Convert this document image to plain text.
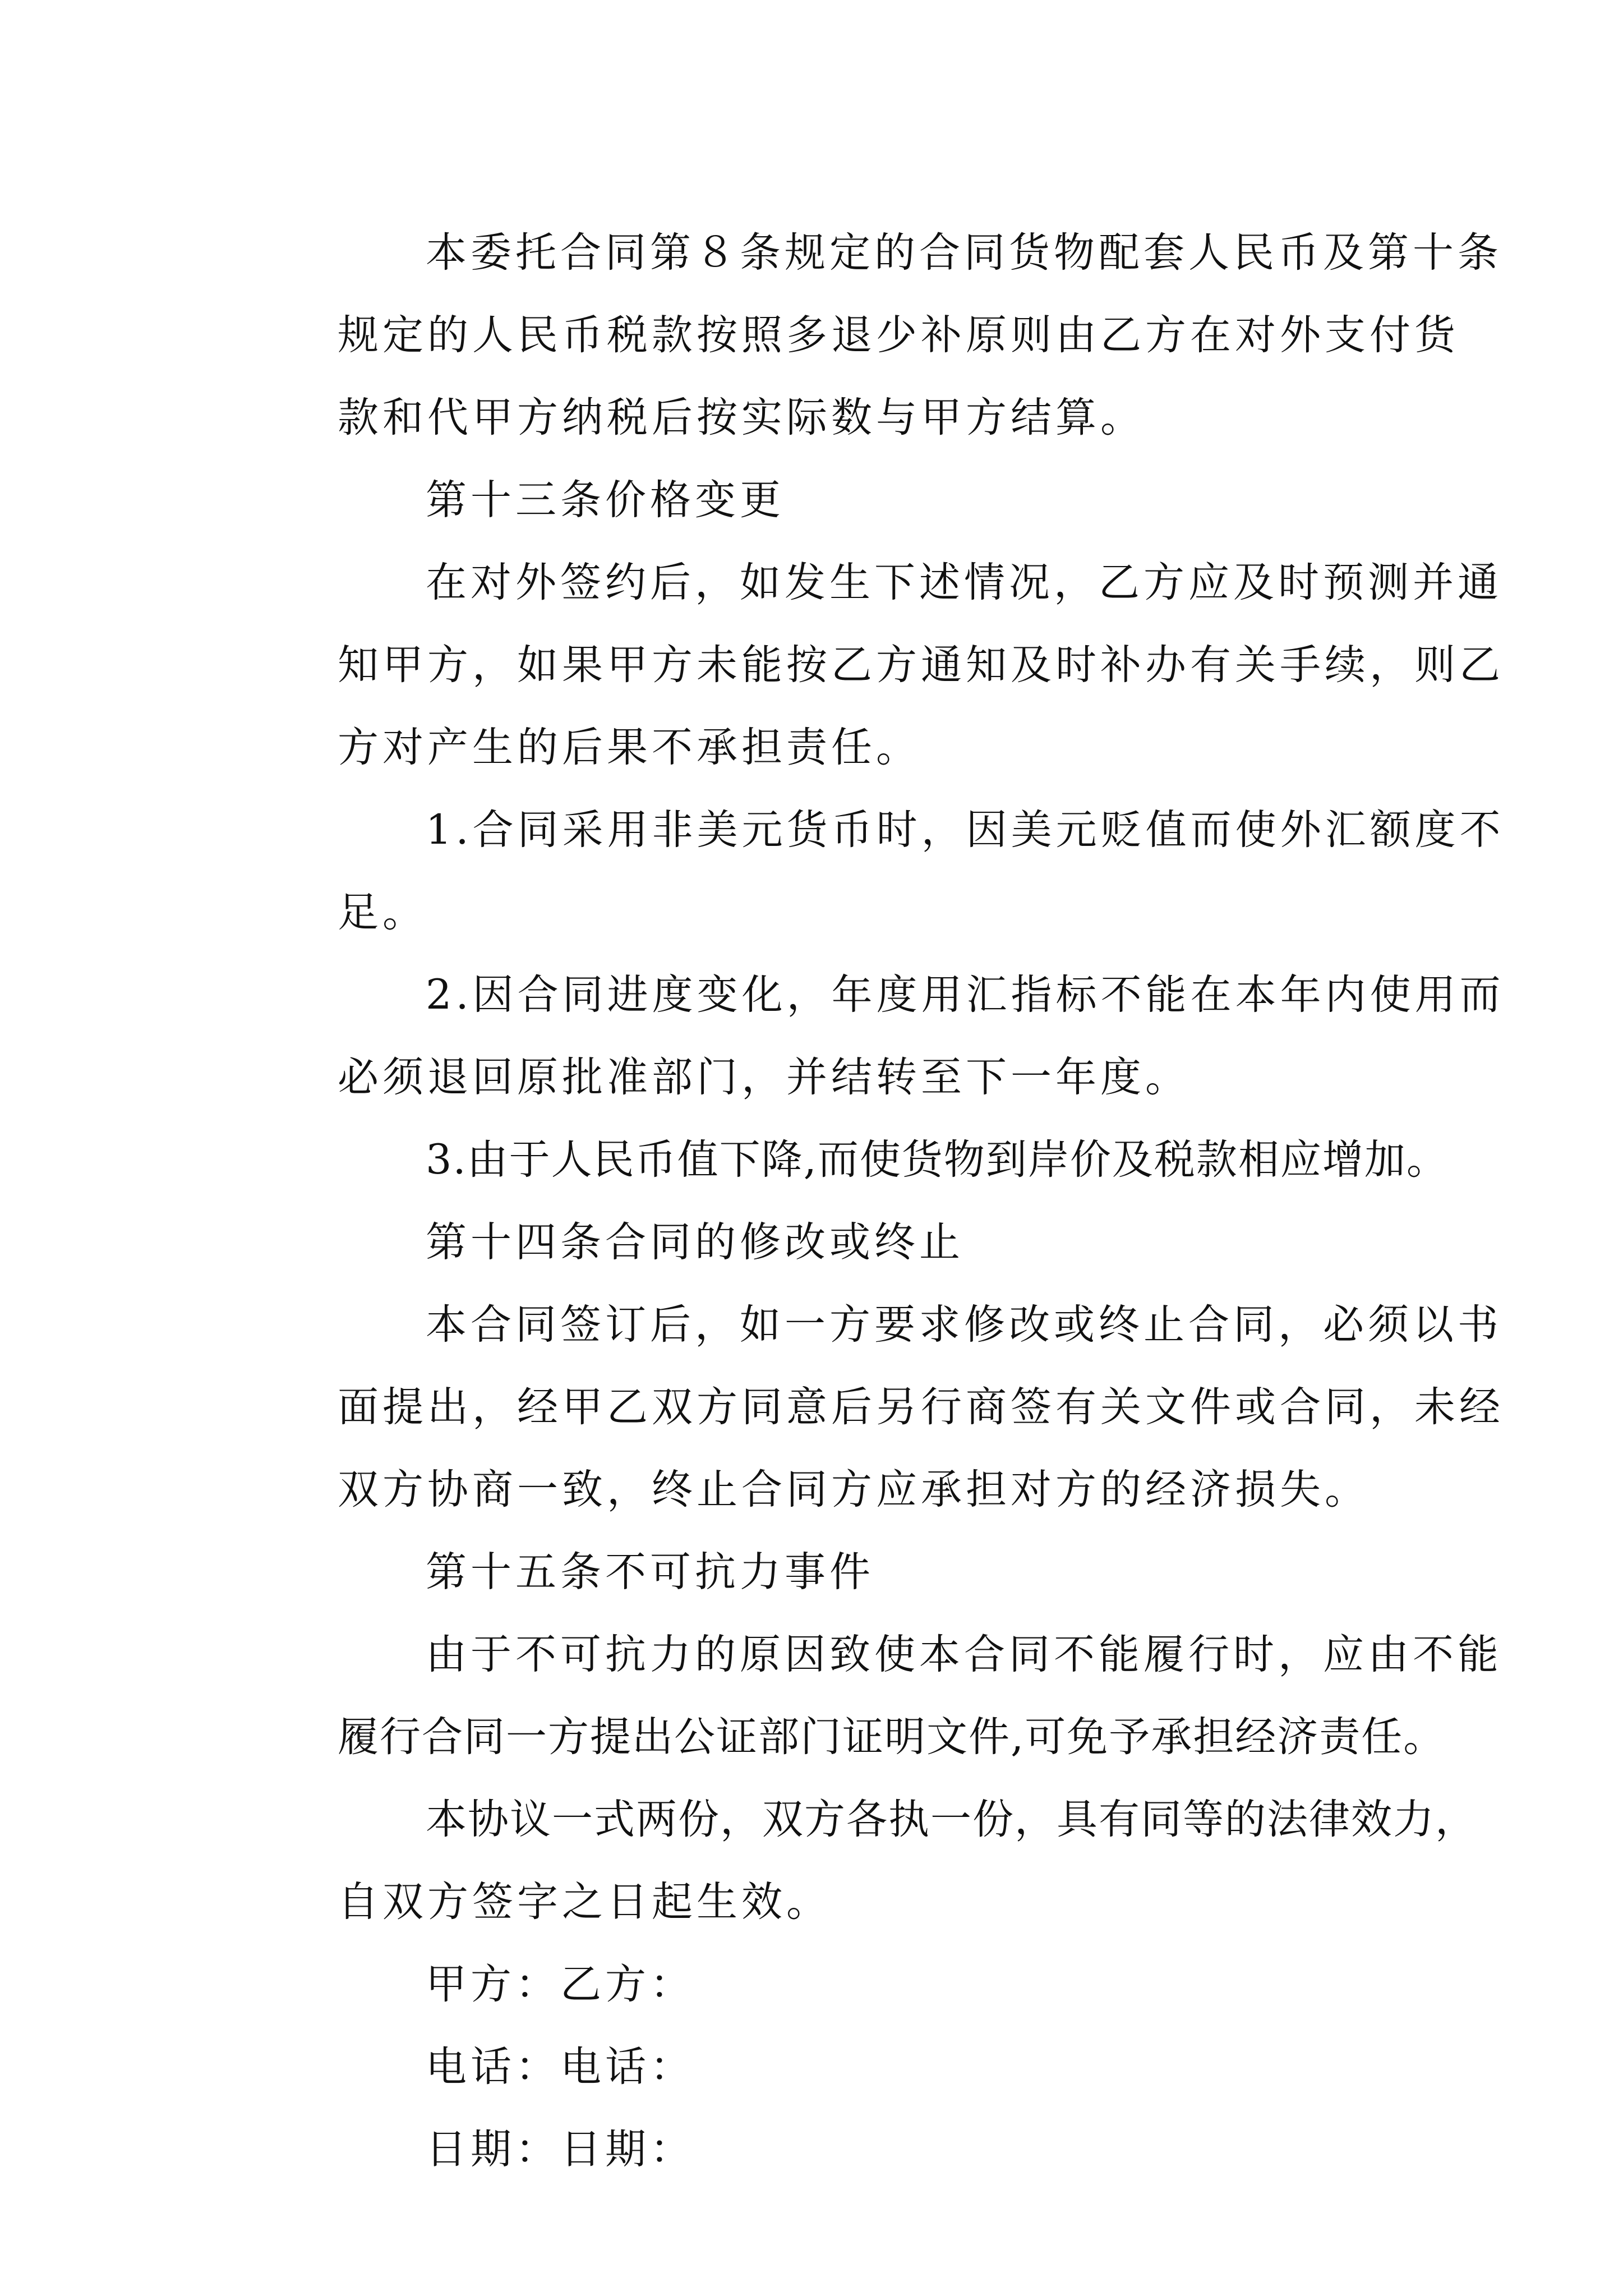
本委托合同第８条规定的合同货物配套人民币及第十条
规定的人民币税款按照多退少补原则由乙方在对外支付货
款和代甲方纳税后按实际数与甲方结算。
第十三条价格变更
在对外签约后，如发生下述情况，乙方应及时预测并通
知甲方，如果甲方未能按乙方通知及时补办有关手续，则乙
方对产生的后果不承担责任。
1.合同采用非美元货币时，因美元贬值而使外汇额度不
足。
2.因合同进度变化，年度用汇指标不能在本年内使用而
必须退回原批准部门，并结转至下一年度。
3.由于人民币值下降,而使货物到岸价及税款相应增加。
第十四条合同的修改或终止
本合同签订后，如一方要求修改或终止合同，必须以书
面提出，经甲乙双方同意后另行商签有关文件或合同，未经
双方协商一致，终止合同方应承担对方的经济损失。
第十五条不可抗力事件
由于不可抗力的原因致使本合同不能履行时，应由不能
履行合同一方提出公证部门证明文件,可免予承担经济责任。
本协议一式两份，双方各执一份，具有同等的法律效力，
自双方签字之日起生效。
甲方：乙方：
电话：电话：
日期：日期：
